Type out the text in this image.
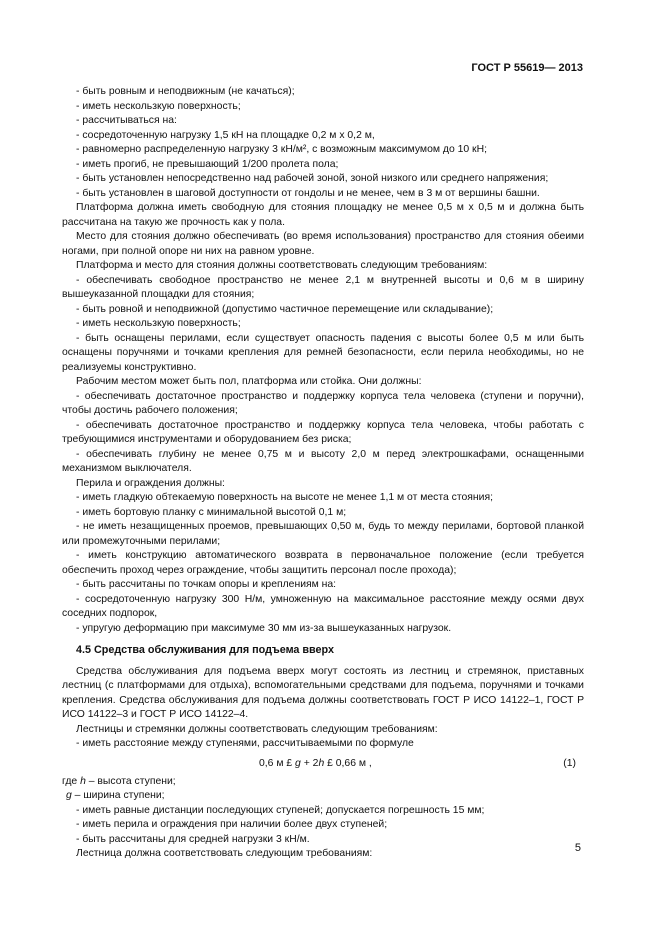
ГОСТ Р 55619— 2013

- быть ровным и неподвижным (не качаться);

- иметь нескользкую поверхность;

- рассчитываться на:

- сосредоточенную нагрузку 1,5 кН на площадке 0,2 м х 0,2 м,

- равномерно распределенную нагрузку 3 кН/м², с возможным максимумом до 10 кН;

- иметь прогиб, не превышающий 1/200 пролета пола;

- быть установлен непосредственно над рабочей зоной, зоной низкого или среднего напряжения;

- быть установлен в шаговой доступности от гондолы и не менее, чем в 3 м от вершины башни.

Платформа должна иметь свободную для стояния площадку не менее 0,5 м х 0,5 м и должна быть рассчитана на такую же прочность как у пола.

Место для стояния должно обеспечивать (во время использования) пространство для стояния обеими ногами, при полной опоре ни них на равном уровне.

Платформа и место для стояния должны соответствовать следующим требованиям:

- обеспечивать свободное пространство не менее 2,1 м внутренней высоты и 0,6 м в ширину вышеуказанной площадки для стояния;

- быть ровной и неподвижной (допустимо частичное перемещение или складывание);

- иметь нескользкую поверхность;

- быть оснащены перилами, если существует опасность падения с высоты более 0,5 м или быть оснащены поручнями и точками крепления для ремней безопасности, если перила необходимы, но не реализуемы конструктивно.

Рабочим местом может быть пол, платформа или стойка. Они должны:

- обеспечивать достаточное пространство и поддержку корпуса тела человека (ступени и поручни), чтобы достичь рабочего положения;

- обеспечивать достаточное пространство и поддержку корпуса тела человека, чтобы работать с требующимися инструментами и оборудованием без риска;

- обеспечивать глубину не менее 0,75 м и высоту 2,0 м перед электрошкафами, оснащенными механизмом выключателя.

Перила и ограждения должны:

- иметь гладкую обтекаемую поверхность на высоте не менее 1,1 м от места стояния;

- иметь бортовую планку с минимальной высотой 0,1 м;

- не иметь незащищенных проемов, превышающих 0,50 м, будь то между перилами, бортовой планкой или промежуточными перилами;

- иметь конструкцию автоматического возврата в первоначальное положение (если требуется обеспечить проход через ограждение, чтобы защитить персонал после прохода);

- быть рассчитаны по точкам опоры и креплениям на:

- сосредоточенную нагрузку 300 Н/м, умноженную на максимальное расстояние между осями двух соседних подпорок,

- упругую деформацию при максимуме 30 мм из-за вышеуказанных нагрузок.

4.5 Средства обслуживания для подъема вверх

Средства обслуживания для подъема вверх могут состоять из лестниц и стремянок, приставных лестниц (с платформами для отдыха), вспомогательными средствами для подъема, поручнями и точками крепления. Средства обслуживания для подъема должны соответствовать ГОСТ Р ИСО 14122–1, ГОСТ Р ИСО 14122–3 и ГОСТ Р ИСО 14122–4.

Лестницы и стремянки должны соответствовать следующим требованиям:

- иметь расстояние между ступенями, рассчитываемыми по формуле

0,6 м £ g + 2h £ 0,66 м ,	(1)

где h – высота ступени;

g – ширина ступени;

- иметь равные дистанции последующих ступеней; допускается погрешность 15 мм;

- иметь перила и ограждения при наличии более двух ступеней;

- быть рассчитаны для средней нагрузки 3 кН/м.

Лестница должна соответствовать следующим требованиям:	5
